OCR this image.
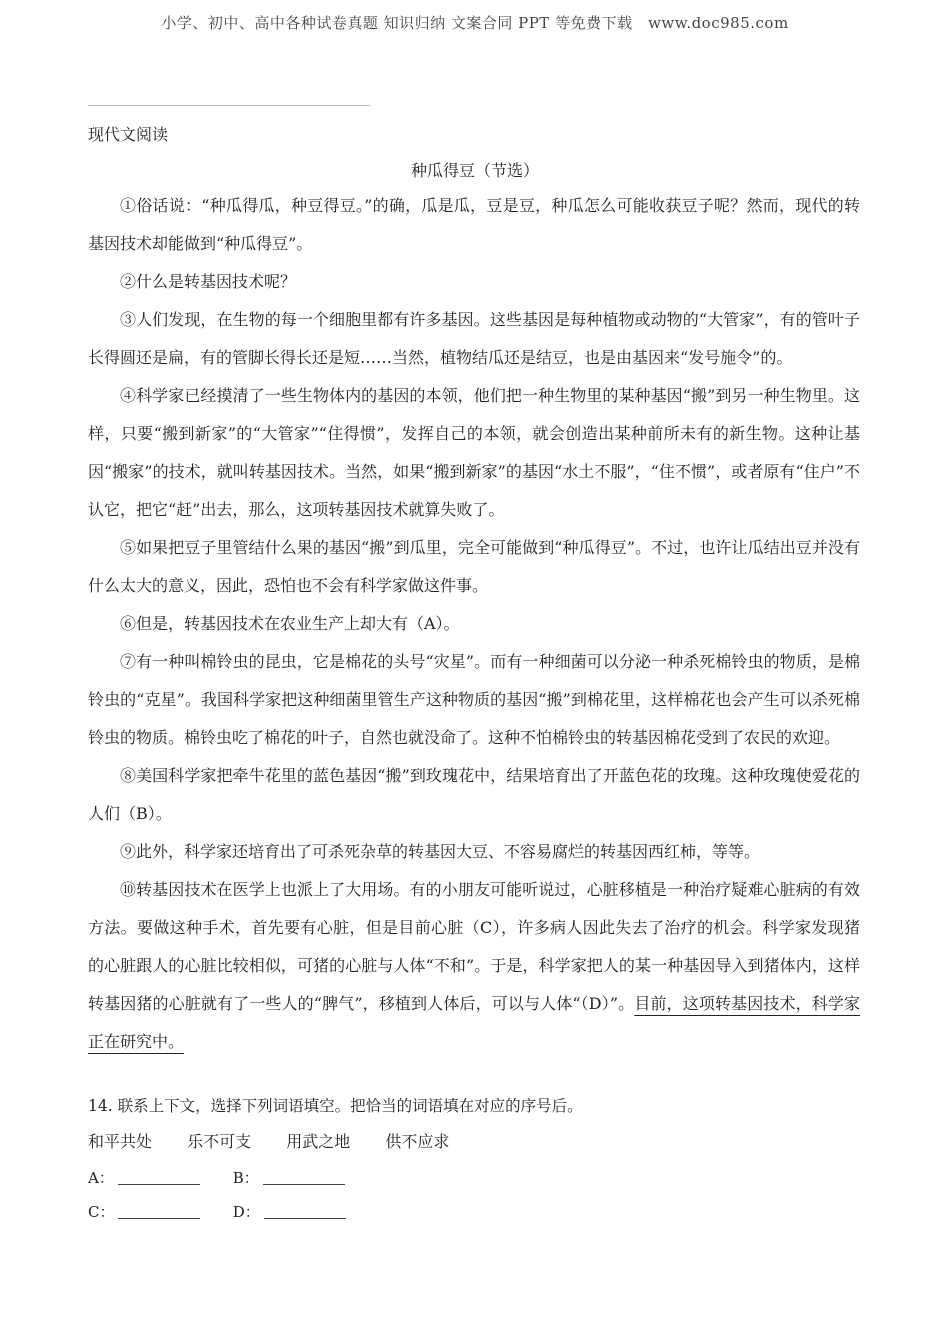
小学、初中、高中各种试卷真题 知识归纳 文案合同 PPT 等免费下载　www.doc985.com
现代文阅读
种瓜得豆（节选）

①俗话说：“种瓜得瓜，种豆得豆。”的确，瓜是瓜，豆是豆，种瓜怎么可能收获豆子呢？然而，现代的转基因技术却能做到“种瓜得豆”。

②什么是转基因技术呢？

③人们发现，在生物的每一个细胞里都有许多基因。这些基因是每种植物或动物的“大管家”，有的管叶子长得圆还是扁，有的管脚长得长还是短……当然，植物结瓜还是结豆，也是由基因来“发号施令”的。

④科学家已经摸清了一些生物体内的基因的本领，他们把一种生物里的某种基因“搬”到另一种生物里。这样，只要“搬到新家”的“大管家”“住得惯”，发挥自己的本领，就会创造出某种前所未有的新生物。这种让基因“搬家”的技术，就叫转基因技术。当然，如果“搬到新家”的基因“水土不服”，“住不惯”，或者原有“住户”不认它，把它“赶”出去，那么，这项转基因技术就算失败了。

⑤如果把豆子里管结什么果的基因“搬”到瓜里，完全可能做到“种瓜得豆”。不过，也许让瓜结出豆并没有什么太大的意义，因此，恐怕也不会有科学家做这件事。

⑥但是，转基因技术在农业生产上却大有（A）。

⑦有一种叫棉铃虫的昆虫，它是棉花的头号“灾星”。而有一种细菌可以分泌一种杀死棉铃虫的物质，是棉铃虫的“克星”。我国科学家把这种细菌里管生产这种物质的基因“搬”到棉花里，这样棉花也会产生可以杀死棉铃虫的物质。棉铃虫吃了棉花的叶子，自然也就没命了。这种不怕棉铃虫的转基因棉花受到了农民的欢迎。

⑧美国科学家把牵牛花里的蓝色基因“搬”到玫瑰花中，结果培育出了开蓝色花的玫瑰。这种玫瑰使爱花的人们（B）。

⑨此外，科学家还培育出了可杀死杂草的转基因大豆、不容易腐烂的转基因西红柿，等等。

⑩转基因技术在医学上也派上了大用场。有的小朋友可能听说过，心脏移植是一种治疗疑难心脏病的有效方法。要做这种手术，首先要有心脏，但是目前心脏（C），许多病人因此失去了治疗的机会。科学家发现猪的心脏跟人的心脏比较相似，可猪的心脏与人体“不和”。于是，科学家把人的某一种基因导入到猪体内，这样转基因猪的心脏就有了一些人的“脾气”，移植到人体后，可以与人体“（D）”。目前，这项转基因技术，科学家正在研究中。

14. 联系上下文，选择下列词语填空。把恰当的词语填在对应的序号后。
和平共处 乐不可支 用武之地 供不应求
A：	B：
C：	D：
